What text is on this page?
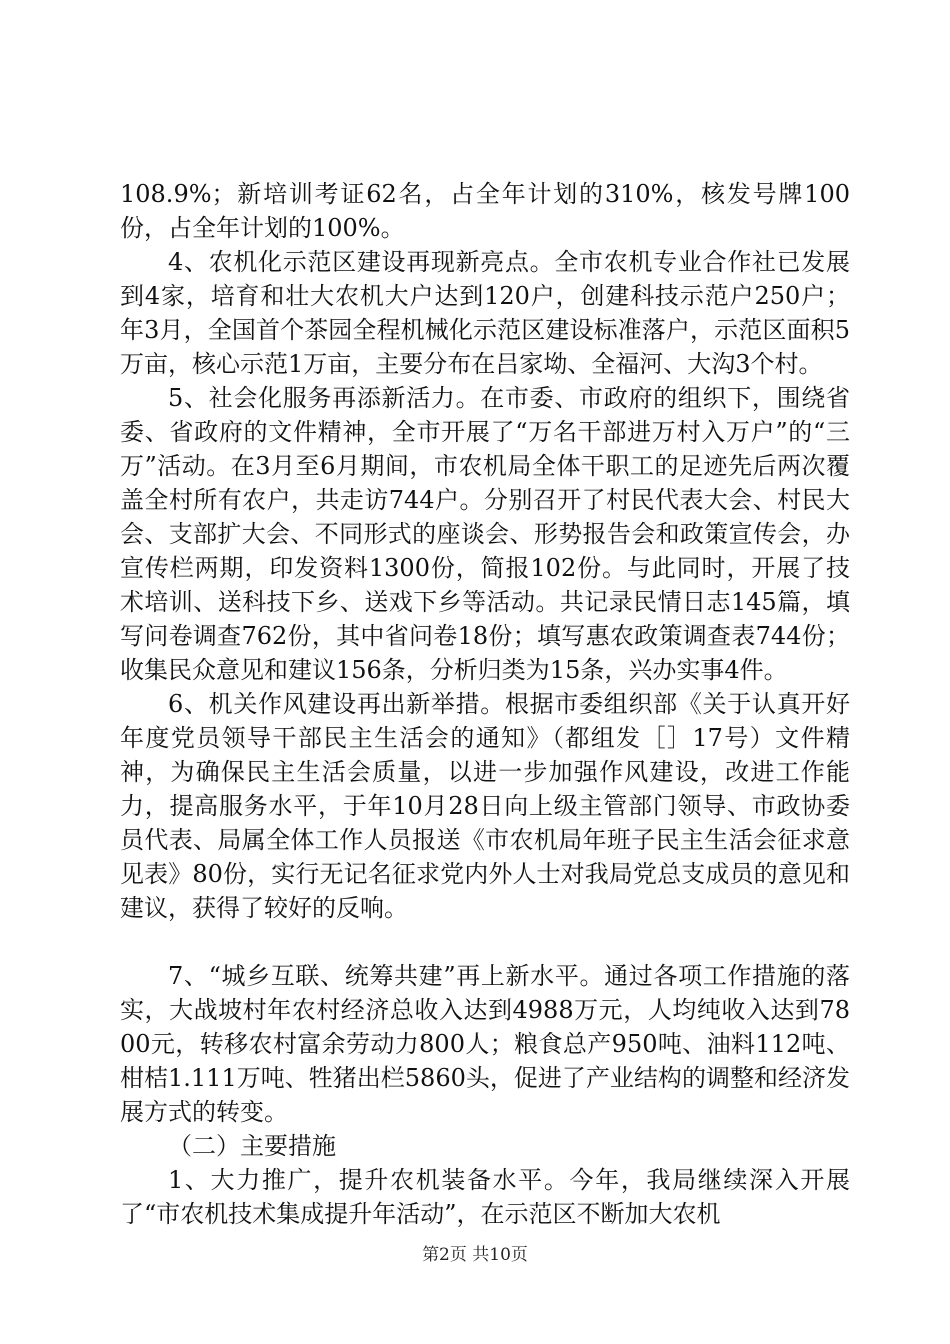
108.9%；新培训考证62名，占全年计划的310%，核发号牌100份，占全年计划的100%。

4、农机化示范区建设再现新亮点。全市农机专业合作社已发展到4家，培育和壮大农机大户达到120户，创建科技示范户250户；年3月，全国首个茶园全程机械化示范区建设标准落户，示范区面积5万亩，核心示范1万亩，主要分布在吕家坳、全福河、大沟3个村。

5、社会化服务再添新活力。在市委、市政府的组织下，围绕省委、省政府的文件精神，全市开展了“万名干部进万村入万户”的“三万”活动。在3月至6月期间，市农机局全体干职工的足迹先后两次覆盖全村所有农户，共走访744户。分别召开了村民代表大会、村民大会、支部扩大会、不同形式的座谈会、形势报告会和政策宣传会，办宣传栏两期，印发资料1300份，简报102份。与此同时，开展了技术培训、送科技下乡、送戏下乡等活动。共记录民情日志145篇，填写问卷调查762份，其中省问卷18份；填写惠农政策调查表744份；收集民众意见和建议156条，分析归类为15条，兴办实事4件。

6、机关作风建设再出新举措。根据市委组织部《关于认真开好年度党员领导干部民主生活会的通知》（都组发［］17号）文件精神，为确保民主生活会质量，以进一步加强作风建设，改进工作能力，提高服务水平，于年10月28日向上级主管部门领导、市政协委员代表、局属全体工作人员报送《市农机局年班子民主生活会征求意见表》80份，实行无记名征求党内外人士对我局党总支成员的意见和建议，获得了较好的反响。

7、“城乡互联、统筹共建”再上新水平。通过各项工作措施的落实，大战坡村年农村经济总收入达到4988万元，人均纯收入达到7800元，转移农村富余劳动力800人；粮食总产950吨、油料112吨、柑桔1.111万吨、牲猪出栏5860头，促进了产业结构的调整和经济发展方式的转变。

（二）主要措施

1、大力推广，提升农机装备水平。今年，我局继续深入开展了“市农机技术集成提升年活动”，在示范区不断加大农机

第2页 共10页
